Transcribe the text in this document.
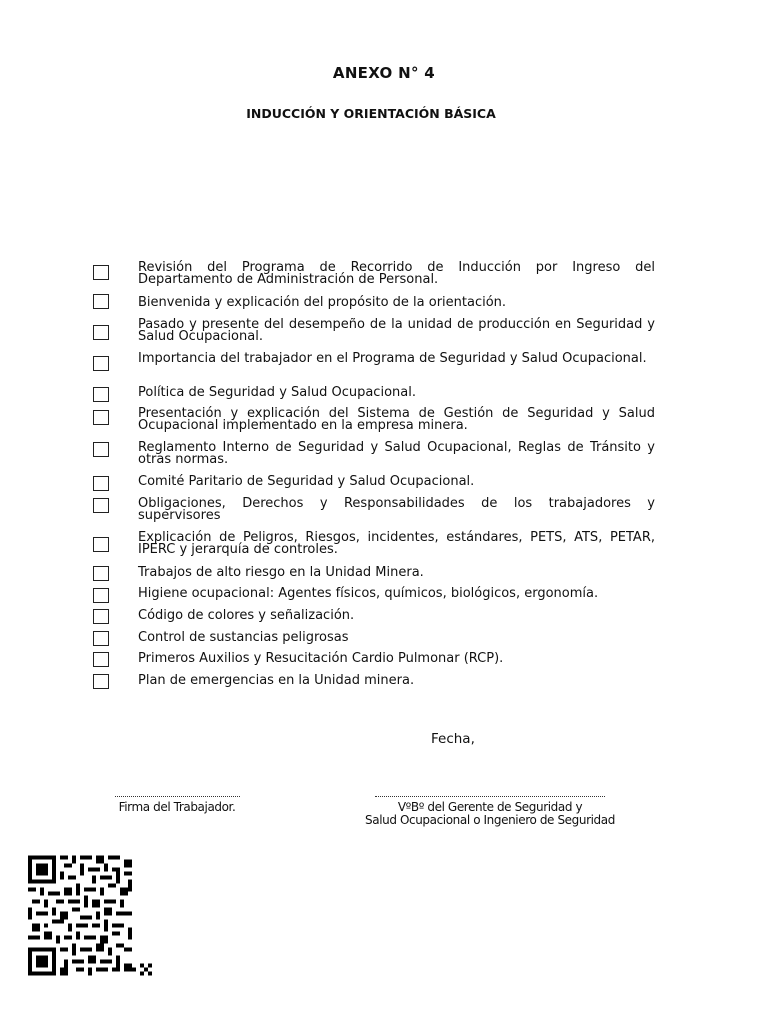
ANEXO N° 4
INDUCCIÓN Y ORIENTACIÓN BÁSICA
Revisión del Programa de Recorrido de Inducción por Ingreso del Departamento de Administración de Personal.
Bienvenida y explicación del propósito de la orientación.
Pasado y presente del desempeño de la unidad de producción en Seguridad y Salud Ocupacional.
Importancia del trabajador en el Programa de Seguridad y Salud Ocupacional.
Política de Seguridad y Salud Ocupacional.
Presentación y explicación del Sistema de Gestión de Seguridad y Salud Ocupacional implementado en la empresa minera.
Reglamento Interno de Seguridad y Salud Ocupacional, Reglas de Tránsito y otras normas.
Comité Paritario de Seguridad y Salud Ocupacional.
Obligaciones, Derechos y Responsabilidades de los trabajadores y supervisores
Explicación de Peligros, Riesgos, incidentes, estándares, PETS, ATS, PETAR, IPERC y jerarquía de controles.
Trabajos de alto riesgo en la Unidad Minera.
Higiene ocupacional: Agentes físicos, químicos, biológicos, ergonomía.
Código de colores y señalización.
Control de sustancias peligrosas
Primeros Auxilios y Resucitación Cardio Pulmonar (RCP).
Plan de emergencias en la Unidad minera.
Fecha,
Firma del Trabajador.	VºBº del Gerente de Seguridad y
Salud Ocupacional o Ingeniero de Seguridad
